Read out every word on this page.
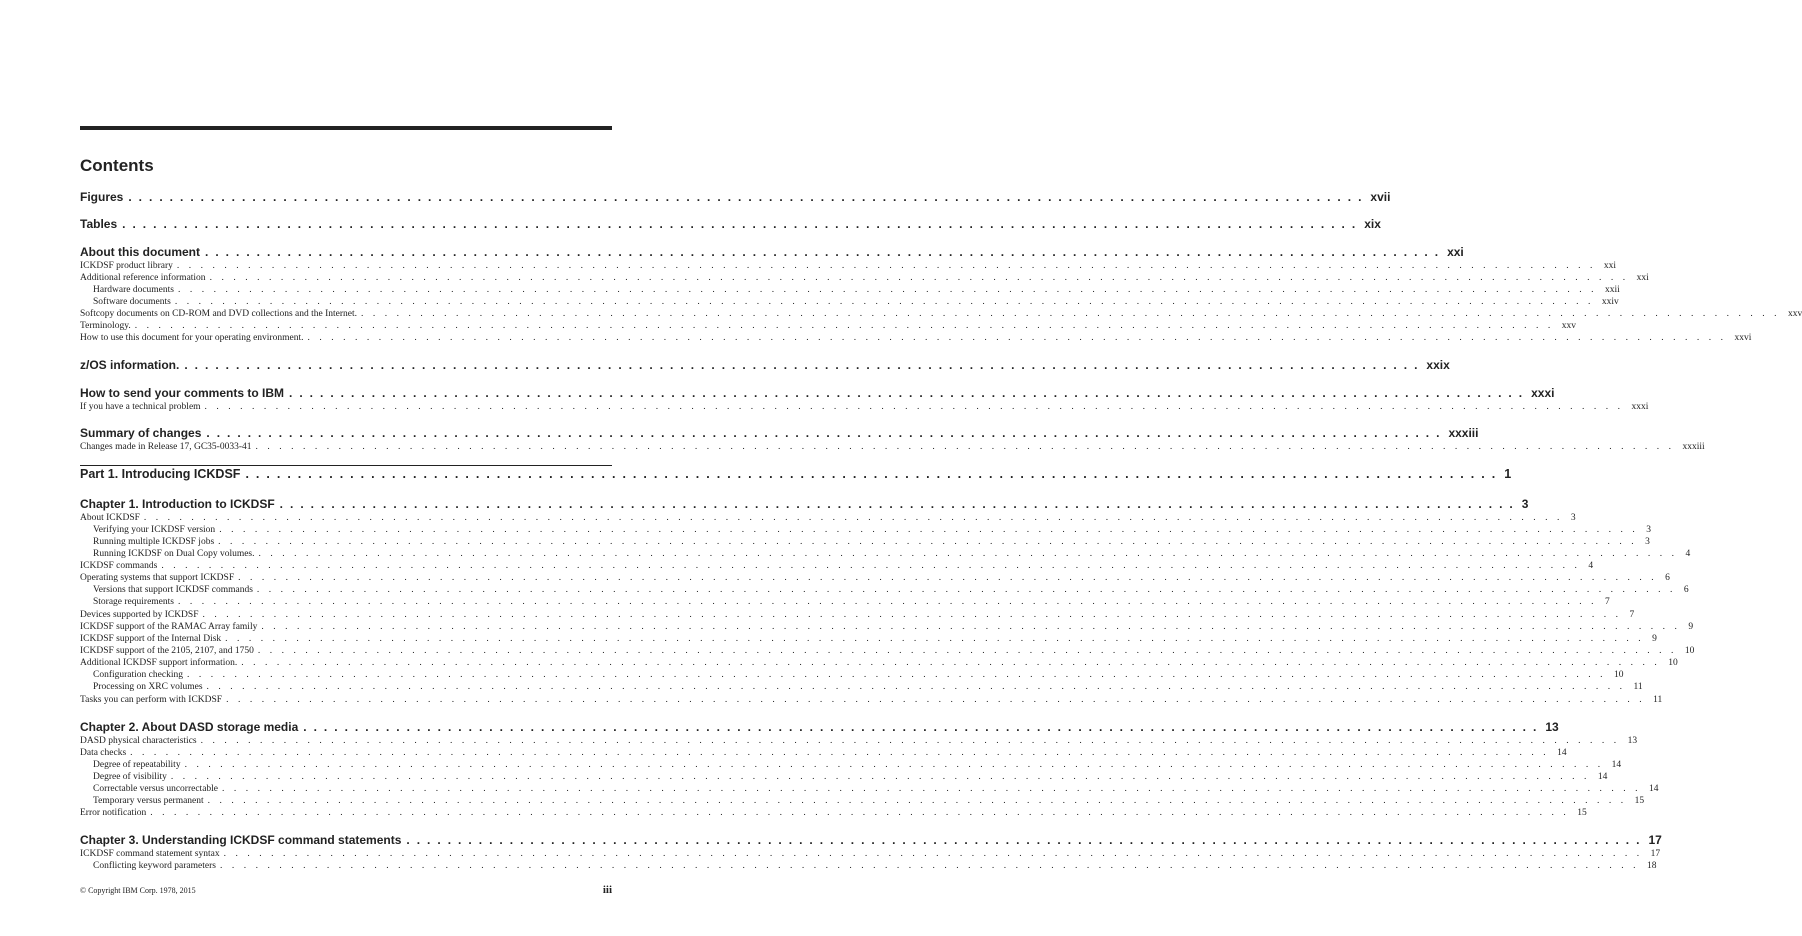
Contents
Figures ........................................................................................................................ xvii
Tables ........................................................................................................................ xix
About this document ........................................................................................................................ xxi
ICKDSF product library ........................................................................................................................ xxi
Additional reference information ........................................................................................................................ xxi
Hardware documents ........................................................................................................................ xxii
Software documents ........................................................................................................................ xxiv
Softcopy documents on CD-ROM and DVD collections and the Internet. ........................................................................................................................ xxv
Terminology. ........................................................................................................................ xxv
How to use this document for your operating environment. ........................................................................................................................ xxvi
z/OS information. ........................................................................................................................ xxix
How to send your comments to IBM ........................................................................................................................ xxxi
If you have a technical problem ........................................................................................................................ xxxi
Summary of changes ........................................................................................................................ xxxiii
Changes made in Release 17, GC35-0033-41 ........................................................................................................................ xxxiii
Part 1. Introducing ICKDSF ........................................................................................................................ 1
Chapter 1. Introduction to ICKDSF ........................................................................................................................ 3
About ICKDSF ........................................................................................................................ 3
Verifying your ICKDSF version ........................................................................................................................ 3
Running multiple ICKDSF jobs ........................................................................................................................ 3
Running ICKDSF on Dual Copy volumes. ........................................................................................................................ 4
ICKDSF commands ........................................................................................................................ 4
Operating systems that support ICKDSF ........................................................................................................................ 6
Versions that support ICKDSF commands ........................................................................................................................ 6
Storage requirements ........................................................................................................................ 7
Devices supported by ICKDSF ........................................................................................................................ 7
ICKDSF support of the RAMAC Array family ........................................................................................................................ 9
ICKDSF support of the Internal Disk ........................................................................................................................ 9
ICKDSF support of the 2105, 2107, and 1750 ........................................................................................................................ 10
Additional ICKDSF support information. ........................................................................................................................ 10
Configuration checking ........................................................................................................................ 10
Processing on XRC volumes ........................................................................................................................ 11
Tasks you can perform with ICKDSF ........................................................................................................................ 11
Chapter 2. About DASD storage media ........................................................................................................................ 13
DASD physical characteristics ........................................................................................................................ 13
Data checks ........................................................................................................................ 14
Degree of repeatability ........................................................................................................................ 14
Degree of visibility ........................................................................................................................ 14
Correctable versus uncorrectable ........................................................................................................................ 14
Temporary versus permanent ........................................................................................................................ 15
Error notification ........................................................................................................................ 15
Chapter 3. Understanding ICKDSF command statements ........................................................................................................................ 17
ICKDSF command statement syntax ........................................................................................................................ 17
Conflicting keyword parameters ........................................................................................................................ 18
© Copyright IBM Corp. 1978, 2015	iii
